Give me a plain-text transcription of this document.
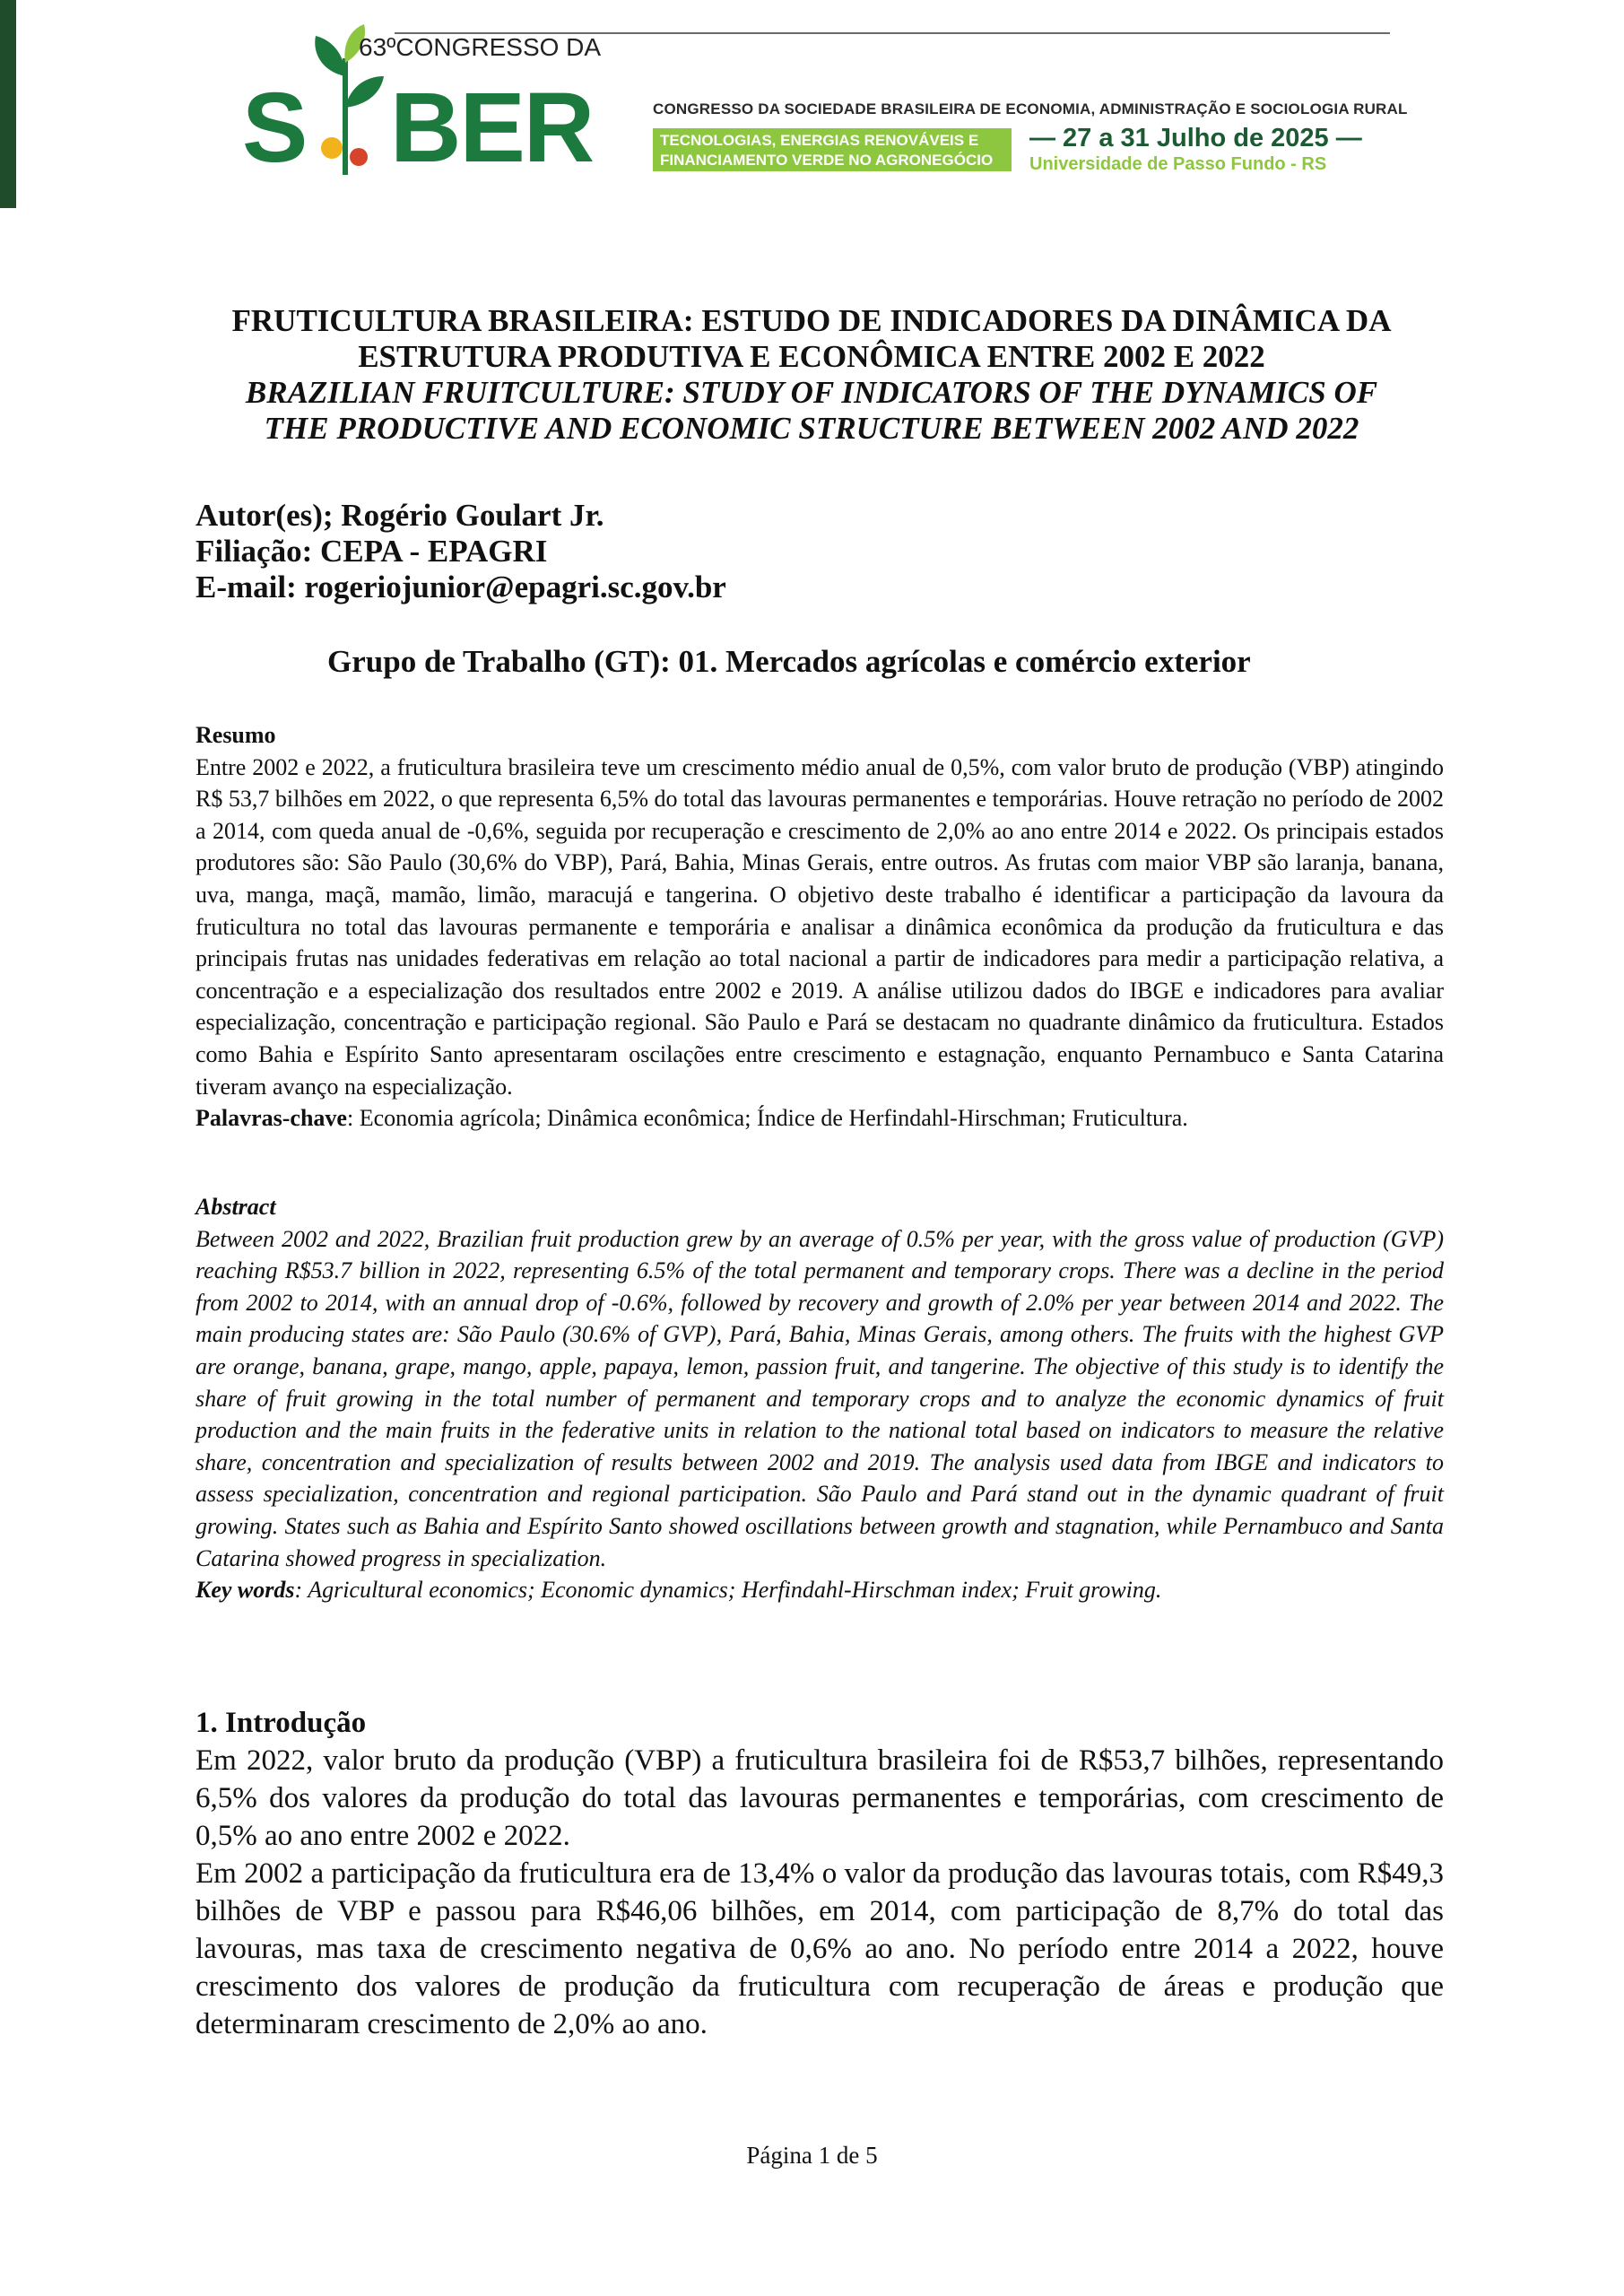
63ºCONGRESSO DA
S BER	CONGRESSO DA SOCIEDADE BRASILEIRA DE ECONOMIA, ADMINISTRAÇÃO E SOCIOLOGIA RURAL
TECNOLOGIAS, ENERGIAS RENOVÁVEIS E
FINANCIAMENTO VERDE NO AGRONEGÓCIO
— 27 a 31 Julho de 2025 —
Universidade de Passo Fundo - RS
FRUTICULTURA BRASILEIRA: ESTUDO DE INDICADORES DA DINÂMICA DA
ESTRUTURA PRODUTIVA E ECONÔMICA ENTRE 2002 E 2022
BRAZILIAN FRUITCULTURE: STUDY OF INDICATORS OF THE DYNAMICS OF
THE PRODUCTIVE AND ECONOMIC STRUCTURE BETWEEN 2002 AND 2022
Autor(es); Rogério Goulart Jr.
Filiação: CEPA - EPAGRI
E-mail: rogeriojunior@epagri.sc.gov.br
Grupo de Trabalho (GT): 01. Mercados agrícolas e comércio exterior
Resumo
Entre 2002 e 2022, a fruticultura brasileira teve um crescimento médio anual de 0,5%, com valor bruto de produção (VBP) atingindo R$ 53,7 bilhões em 2022, o que representa 6,5% do total das lavouras permanentes e temporárias. Houve retração no período de 2002 a 2014, com queda anual de -0,6%, seguida por recuperação e crescimento de 2,0% ao ano entre 2014 e 2022. Os principais estados produtores são: São Paulo (30,6% do VBP), Pará, Bahia, Minas Gerais, entre outros. As frutas com maior VBP são laranja, banana, uva, manga, maçã, mamão, limão, maracujá e tangerina. O objetivo deste trabalho é identificar a participação da lavoura da fruticultura no total das lavouras permanente e temporária e analisar a dinâmica econômica da produção da fruticultura e das principais frutas nas unidades federativas em relação ao total nacional a partir de indicadores para medir a participação relativa, a concentração e a especialização dos resultados entre 2002 e 2019. A análise utilizou dados do IBGE e indicadores para avaliar especialização, concentração e participação regional. São Paulo e Pará se destacam no quadrante dinâmico da fruticultura. Estados como Bahia e Espírito Santo apresentaram oscilações entre crescimento e estagnação, enquanto Pernambuco e Santa Catarina tiveram avanço na especialização.
Palavras-chave: Economia agrícola; Dinâmica econômica; Índice de Herfindahl-Hirschman; Fruticultura.
Abstract
Between 2002 and 2022, Brazilian fruit production grew by an average of 0.5% per year, with the gross value of production (GVP) reaching R$53.7 billion in 2022, representing 6.5% of the total permanent and temporary crops. There was a decline in the period from 2002 to 2014, with an annual drop of -0.6%, followed by recovery and growth of 2.0% per year between 2014 and 2022. The main producing states are: São Paulo (30.6% of GVP), Pará, Bahia, Minas Gerais, among others. The fruits with the highest GVP are orange, banana, grape, mango, apple, papaya, lemon, passion fruit, and tangerine. The objective of this study is to identify the share of fruit growing in the total number of permanent and temporary crops and to analyze the economic dynamics of fruit production and the main fruits in the federative units in relation to the national total based on indicators to measure the relative share, concentration and specialization of results between 2002 and 2019. The analysis used data from IBGE and indicators to assess specialization, concentration and regional participation. São Paulo and Pará stand out in the dynamic quadrant of fruit growing. States such as Bahia and Espírito Santo showed oscillations between growth and stagnation, while Pernambuco and Santa Catarina showed progress in specialization.
Key words: Agricultural economics; Economic dynamics; Herfindahl-Hirschman index; Fruit growing.
1. Introdução

Em 2022, valor bruto da produção (VBP) a fruticultura brasileira foi de R$53,7 bilhões, representando 6,5% dos valores da produção do total das lavouras permanentes e temporárias, com crescimento de 0,5% ao ano entre 2002 e 2022.

Em 2002 a participação da fruticultura era de 13,4% o valor da produção das lavouras totais, com R$49,3 bilhões de VBP e passou para R$46,06 bilhões, em 2014, com participação de 8,7% do total das lavouras, mas taxa de crescimento negativa de 0,6% ao ano. No período entre 2014 a 2022, houve crescimento dos valores de produção da fruticultura com recuperação de áreas e produção que determinaram crescimento de 2,0% ao ano.

Página 1 de 5
